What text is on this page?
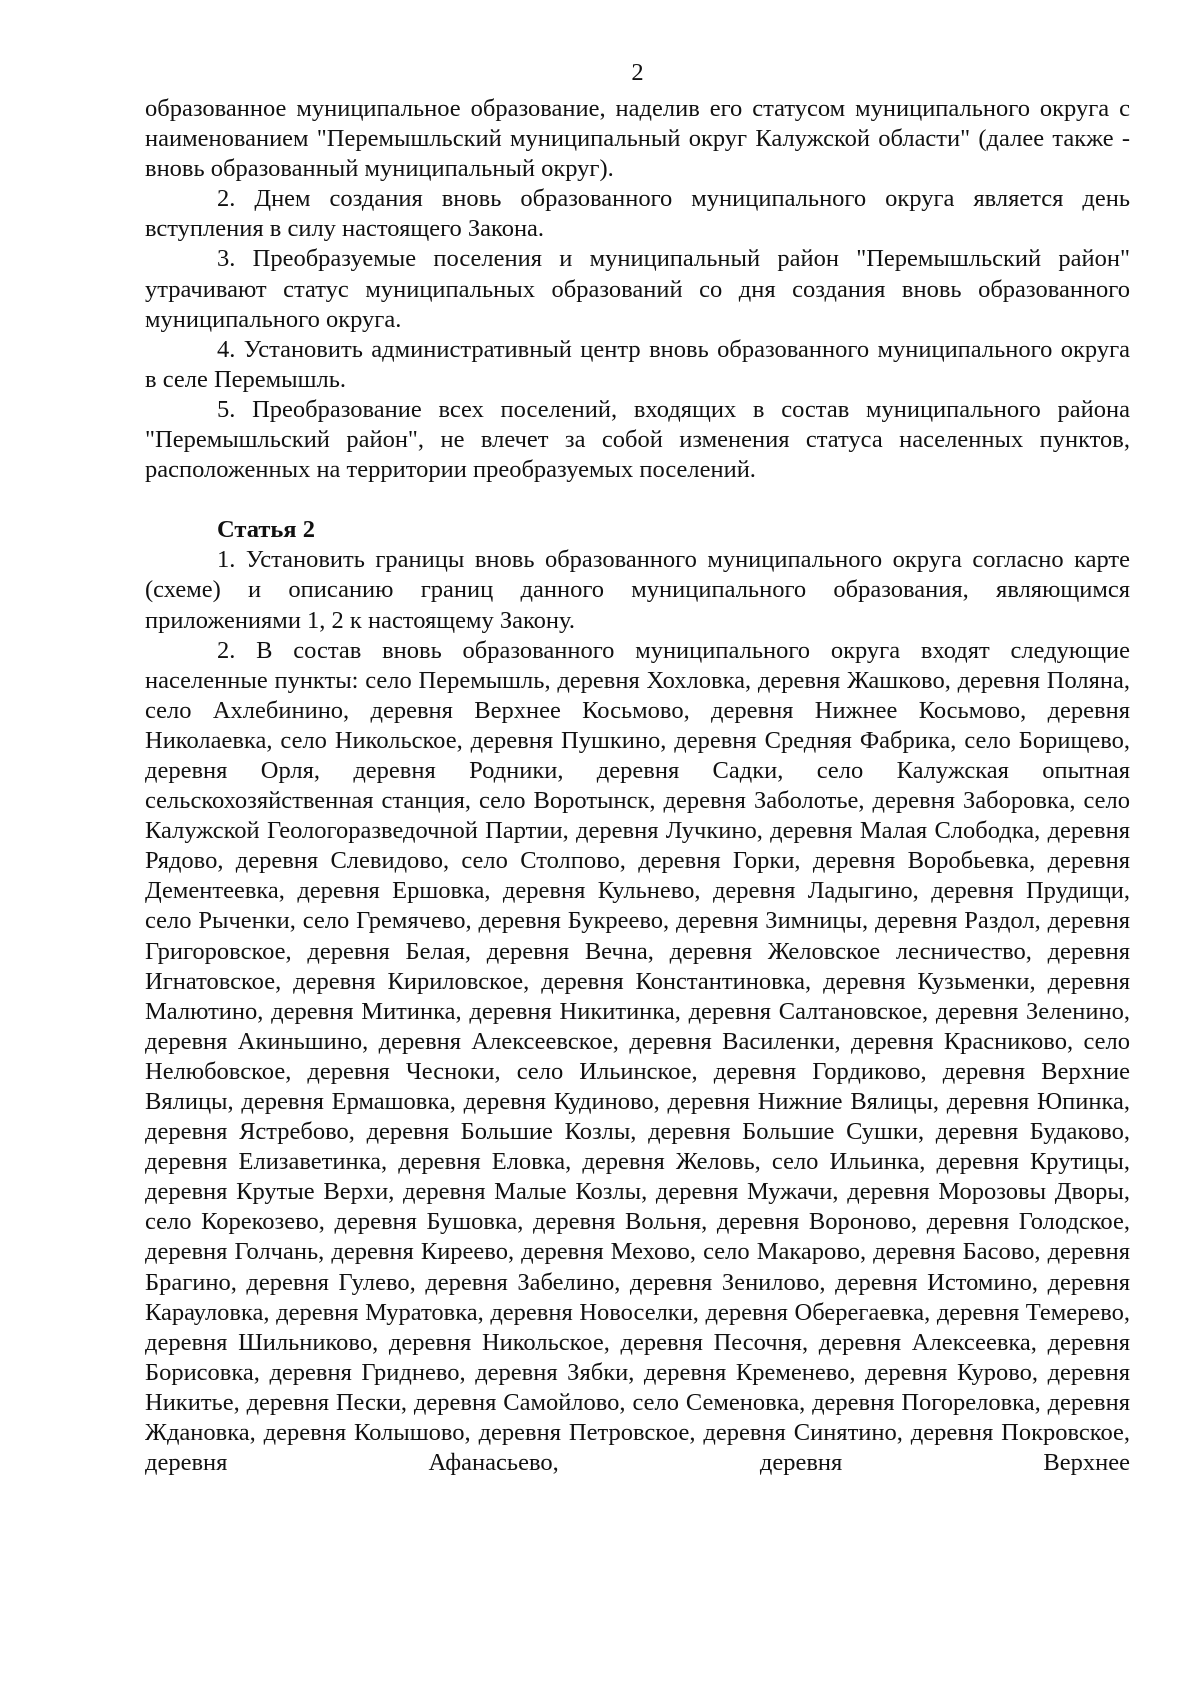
2

образованное муниципальное образование, наделив его статусом муниципального округа с наименованием "Перемышльский муниципальный округ Калужской области" (далее также - вновь образованный муниципальный округ).

2. Днем создания вновь образованного муниципального округа является день вступления в силу настоящего Закона.

3. Преобразуемые поселения и муниципальный район "Перемышльский район" утрачивают статус муниципальных образований со дня создания вновь образованного муниципального округа.

4. Установить административный центр вновь образованного муниципального округа в селе Перемышль.

5. Преобразование всех поселений, входящих в состав муниципального района "Перемышльский район", не влечет за собой изменения статуса населенных пунктов, расположенных на территории преобразуемых поселений.

Статья 2

1. Установить границы вновь образованного муниципального округа согласно карте (схеме) и описанию границ данного муниципального образования, являющимся приложениями 1, 2 к настоящему Закону.

2. В состав вновь образованного муниципального округа входят следующие населенные пункты: село Перемышль, деревня Хохловка, деревня Жашково, деревня Поляна, село Ахлебинино, деревня Верхнее Косьмово, деревня Нижнее Косьмово, деревня Николаевка, село Никольское, деревня Пушкино, деревня Средняя Фабрика, село Борищево, деревня Орля, деревня Родники, деревня Садки, село Калужская опытная сельскохозяйственная станция, село Воротынск, деревня Заболотье, деревня Заборовка, село Калужской Геологоразведочной Партии, деревня Лучкино, деревня Малая Слободка, деревня Рядово, деревня Слевидово, село Столпово, деревня Горки, деревня Воробьевка, деревня Дементеевка, деревня Ершовка, деревня Кульнево, деревня Ладыгино, деревня Прудищи, село Рыченки, село Гремячево, деревня Букреево, деревня Зимницы, деревня Раздол, деревня Григоровское, деревня Белая, деревня Вечна, деревня Желовское лесничество, деревня Игнатовское, деревня Кириловское, деревня Константиновка, деревня Кузьменки, деревня Малютино, деревня Митинка, деревня Никитинка, деревня Салтановское, деревня Зеленино, деревня Акиньшино, деревня Алексеевское, деревня Василенки, деревня Красниково, село Нелюбовское, деревня Чесноки, село Ильинское, деревня Гордиково, деревня Верхние Вялицы, деревня Ермашовка, деревня Кудиново, деревня Нижние Вялицы, деревня Юпинка, деревня Ястребово, деревня Большие Козлы, деревня Большие Сушки, деревня Будаково, деревня Елизаветинка, деревня Еловка, деревня Желовь, село Ильинка, деревня Крутицы, деревня Крутые Верхи, деревня Малые Козлы, деревня Мужачи, деревня Морозовы Дворы, село Корекозево, деревня Бушовка, деревня Вольня, деревня Вороново, деревня Голодское, деревня Голчань, деревня Киреево, деревня Мехово, село Макарово, деревня Басово, деревня Брагино, деревня Гулево, деревня Забелино, деревня Зенилово, деревня Истомино, деревня Карауловка, деревня Муратовка, деревня Новоселки, деревня Оберегаевка, деревня Темерево, деревня Шильниково, деревня Никольское, деревня Песочня, деревня Алексеевка, деревня Борисовка, деревня Гриднево, деревня Зябки, деревня Кременево, деревня Курово, деревня Никитье, деревня Пески, деревня Самойлово, село Семеновка, деревня Погореловка, деревня Ждановка, деревня Колышово, деревня Петровское, деревня Синятино, деревня Покровское, деревня Афанасьево, деревня Верхнее
